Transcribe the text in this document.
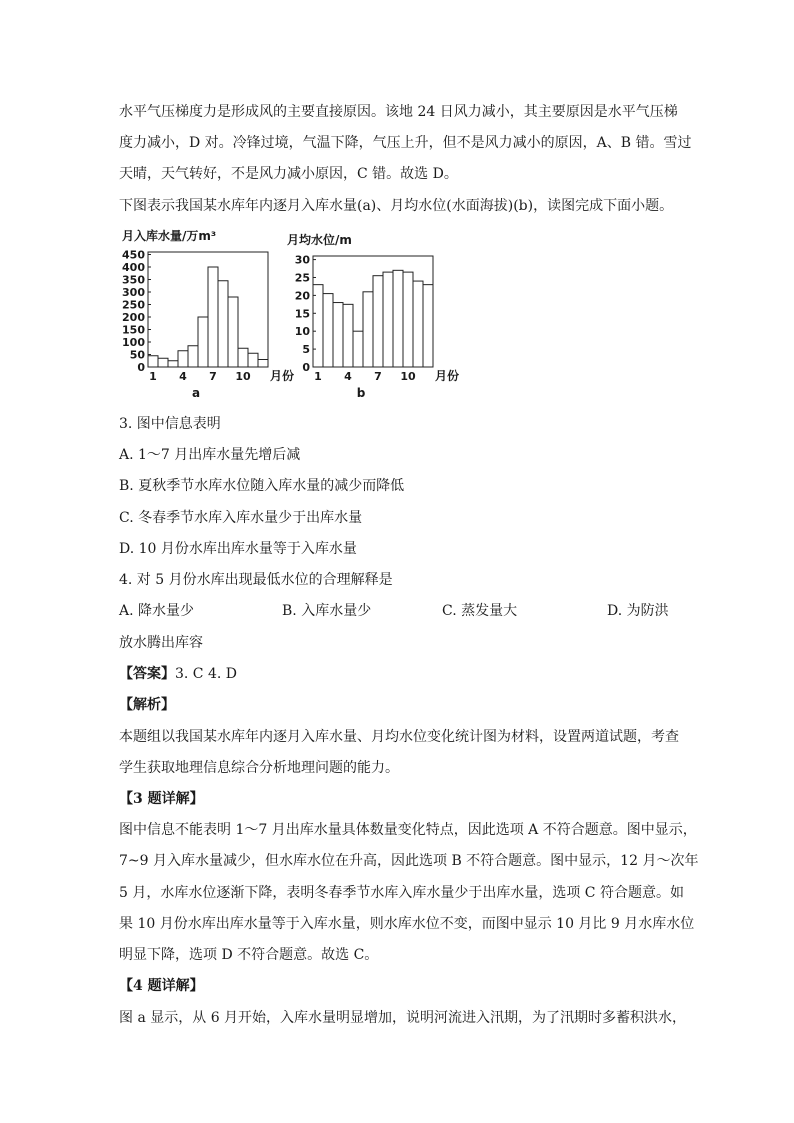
水平气压梯度力是形成风的主要直接原因。该地 24 日风力减小，其主要原因是水平气压梯
度力减小，D 对。冷锋过境，气温下降，气压上升，但不是风力减小的原因，A、B 错。雪过
天晴，天气转好，不是风力减小原因，C 错。故选 D。
下图表示我国某水库年内逐月入库水量(a)、月均水位(水面海拔)(b)，读图完成下面小题。
0
50
100
150
200
250
300
350
400
450
1 4 7 10
月入库水量/万m³
月份
a
0
5
10
15
20
25
30
1 4 7 10
月均水位/m
月份
b
3. 图中信息表明
A. 1～7 月出库水量先增后减
B. 夏秋季节水库水位随入库水量的减少而降低
C. 冬春季节水库入库水量少于出库水量
D. 10 月份水库出库水量等于入库水量
4. 对 5 月份水库出现最低水位的合理解释是
A. 降水量少	B. 入库水量少	C. 蒸发量大	D. 为防洪
放水腾出库容
【答案】3. C 4. D
【解析】
本题组以我国某水库年内逐月入库水量、月均水位变化统计图为材料，设置两道试题，考查
学生获取地理信息综合分析地理问题的能力。
【3 题详解】
图中信息不能表明 1～7 月出库水量具体数量变化特点，因此选项 A 不符合题意。图中显示，
7~9 月入库水量减少，但水库水位在升高，因此选项 B 不符合题意。图中显示，12 月～次年
5 月，水库水位逐渐下降，表明冬春季节水库入库水量少于出库水量，选项 C 符合题意。如
果 10 月份水库出库水量等于入库水量，则水库水位不变，而图中显示 10 月比 9 月水库水位
明显下降，选项 D 不符合题意。故选 C。
【4 题详解】
图 a 显示，从 6 月开始，入库水量明显增加，说明河流进入汛期，为了汛期时多蓄积洪水，
